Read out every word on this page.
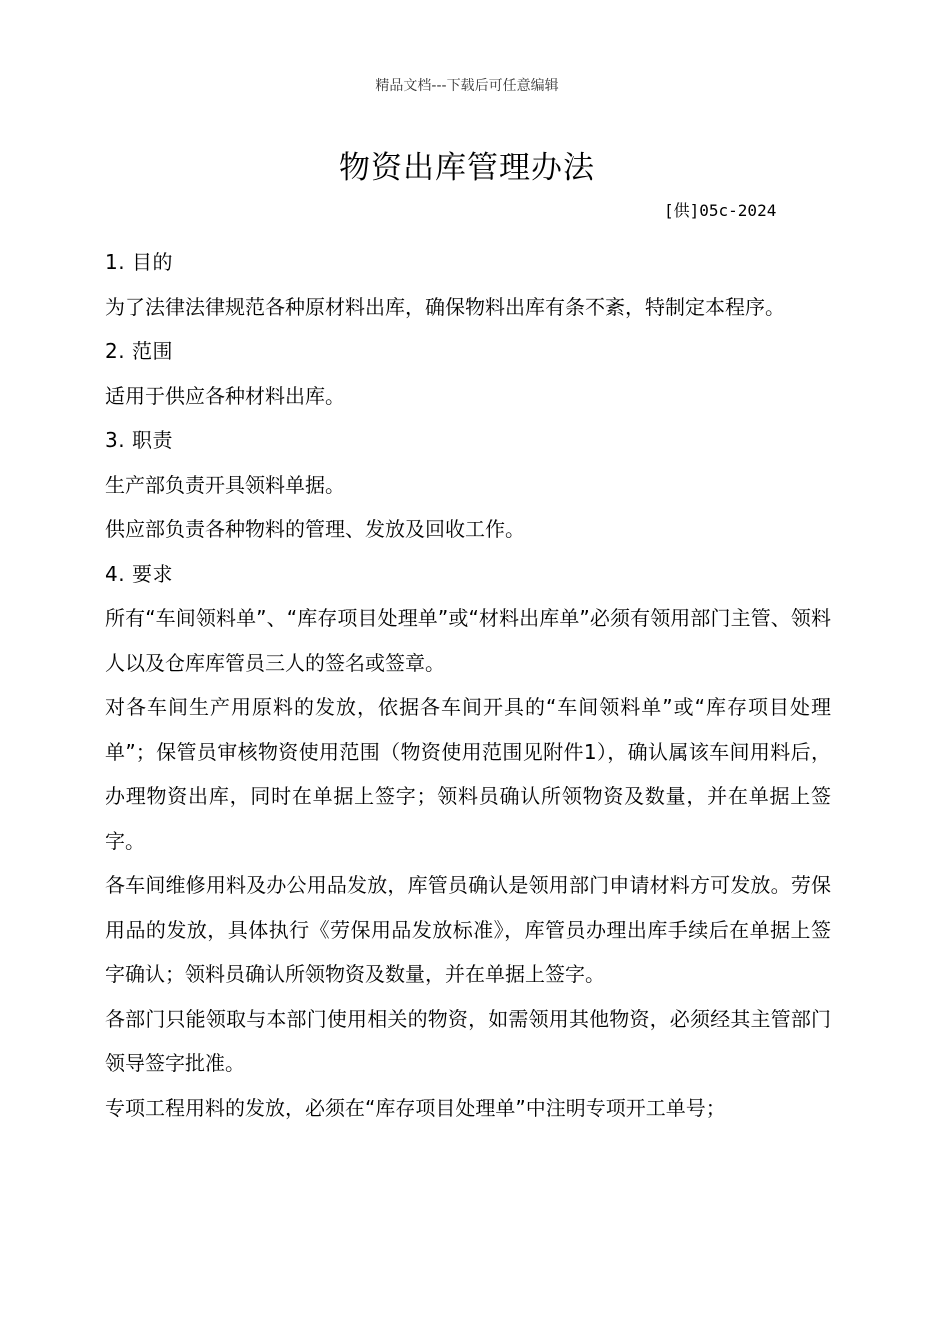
精品文档---下载后可任意编辑
物资出库管理办法
[供]05c-2024

1. 目的

为了法律法律规范各种原材料出库，确保物料出库有条不紊，特制定本程序。

2. 范围

适用于供应各种材料出库。

3. 职责

生产部负责开具领料单据。

供应部负责各种物料的管理、发放及回收工作。

4. 要求

所有“车间领料单”、“库存项目处理单”或“材料出库单”必须有领用部门主管、领料人以及仓库库管员三人的签名或签章。

对各车间生产用原料的发放，依据各车间开具的“车间领料单”或“库存项目处理单”；保管员审核物资使用范围（物资使用范围见附件1），确认属该车间用料后，办理物资出库，同时在单据上签字；领料员确认所领物资及数量，并在单据上签字。

各车间维修用料及办公用品发放，库管员确认是领用部门申请材料方可发放。劳保用品的发放，具体执行《劳保用品发放标准》，库管员办理出库手续后在单据上签字确认；领料员确认所领物资及数量，并在单据上签字。

各部门只能领取与本部门使用相关的物资，如需领用其他物资，必须经其主管部门领导签字批准。

专项工程用料的发放，必须在“库存项目处理单”中注明专项开工单号；
